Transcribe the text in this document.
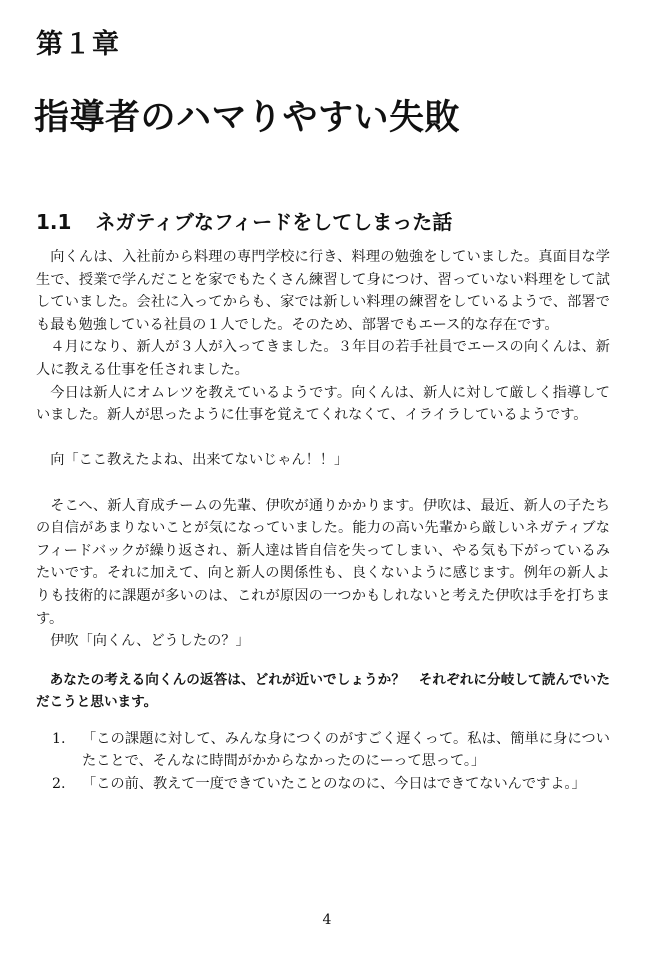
第１章
指導者のハマりやすい失敗
1.1 ネガティブなフィードをしてしまった話

向くんは、入社前から料理の専門学校に行き、料理の勉強をしていました。真面目な学生で、授業で学んだことを家でもたくさん練習して身につけ、習っていない料理をして試していました。会社に入ってからも、家では新しい料理の練習をしているようで、部署でも最も勉強している社員の１人でした。そのため、部署でもエース的な存在です。

４月になり、新人が３人が入ってきました。３年目の若手社員でエースの向くんは、新人に教える仕事を任されました。

今日は新人にオムレツを教えているようです。向くんは、新人に対して厳しく指導していました。新人が思ったように仕事を覚えてくれなくて、イライラしているようです。

向「ここ教えたよね、出来てないじゃん！！」

そこへ、新人育成チームの先輩、伊吹が通りかかります。伊吹は、最近、新人の子たちの自信があまりないことが気になっていました。能力の高い先輩から厳しいネガティブなフィードバックが繰り返され、新人達は皆自信を失ってしまい、やる気も下がっているみたいです。それに加えて、向と新人の関係性も、良くないように感じます。例年の新人よりも技術的に課題が多いのは、これが原因の一つかもしれないと考えた伊吹は手を打ちます。

伊吹「向くん、どうしたの？」

あなたの考える向くんの返答は、どれが近いでしょうか？　それぞれに分岐して読んでいただこうと思います。

1. 「この課題に対して、みんな身につくのがすごく遅くって。私は、簡単に身についたことで、そんなに時間がかからなかったのにーって思って。」
2. 「この前、教えて一度できていたことのなのに、今日はできてないんですよ。」
4
